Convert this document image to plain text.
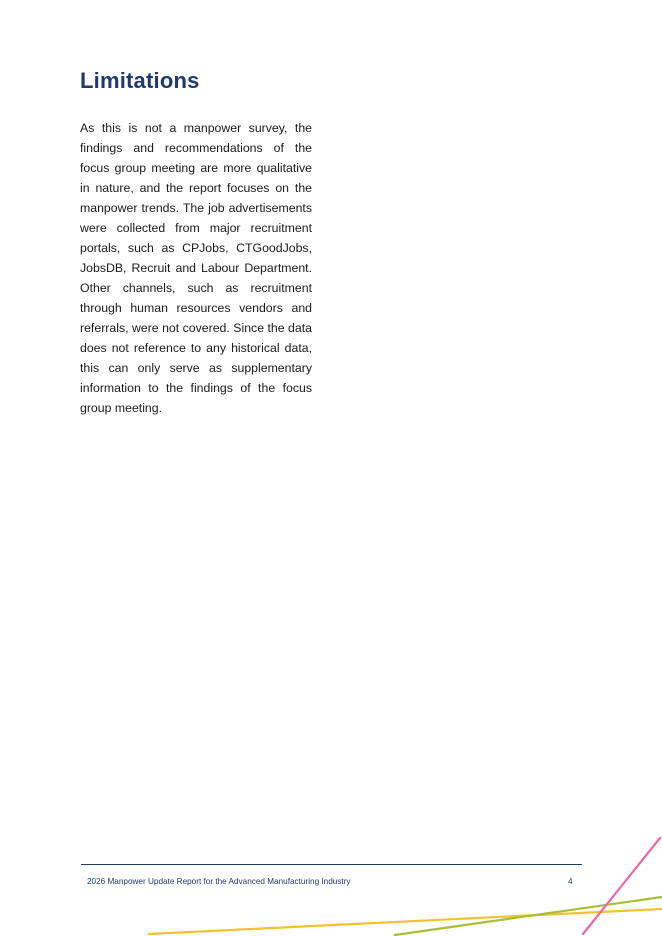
Limitations

As this is not a manpower survey, the findings and recommendations of the focus group meeting are more qualitative in nature, and the report focuses on the manpower trends. The job advertisements were collected from major recruitment portals, such as CPJobs, CTGoodJobs, JobsDB, Recruit and Labour Department. Other channels, such as recruitment through human resources vendors and referrals, were not covered. Since the data does not reference to any historical data, this can only serve as supplementary information to the findings of the focus group meeting.

2026 Manpower Update Report for the Advanced Manufacturing Industry	4
